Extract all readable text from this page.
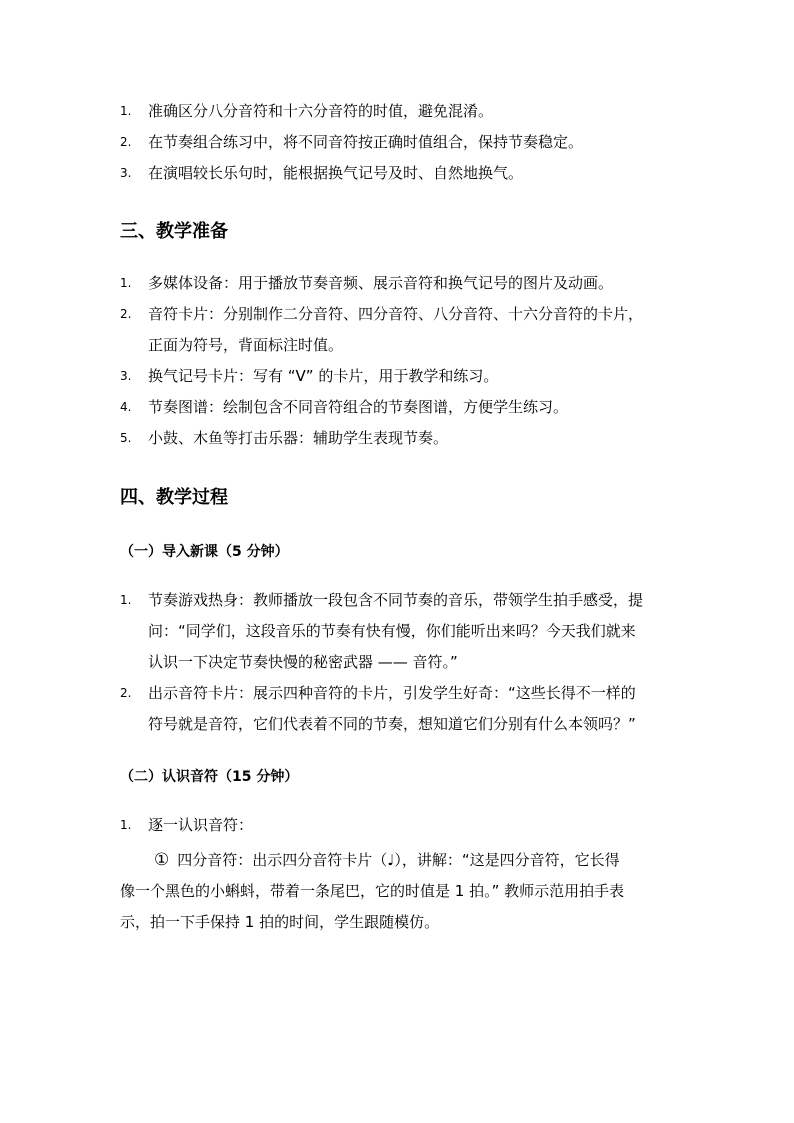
1. 准确区分八分音符和十六分音符的时值，避免混淆。
2. 在节奏组合练习中，将不同音符按正确时值组合，保持节奏稳定。
3. 在演唱较长乐句时，能根据换气记号及时、自然地换气。
三、教学准备
1. 多媒体设备：用于播放节奏音频、展示音符和换气记号的图片及动画。
2. 音符卡片：分别制作二分音符、四分音符、八分音符、十六分音符的卡片，
正面为符号，背面标注时值。
3. 换气记号卡片：写有 “V” 的卡片，用于教学和练习。
4. 节奏图谱：绘制包含不同音符组合的节奏图谱，方便学生练习。
5. 小鼓、木鱼等打击乐器：辅助学生表现节奏。
四、教学过程
（一）导入新课（5 分钟）
1. 节奏游戏热身：教师播放一段包含不同节奏的音乐，带领学生拍手感受，提
问：“同学们，这段音乐的节奏有快有慢，你们能听出来吗？今天我们就来
认识一下决定节奏快慢的秘密武器 —— 音符。”
2. 出示音符卡片：展示四种音符的卡片，引发学生好奇：“这些长得不一样的
符号就是音符，它们代表着不同的节奏，想知道它们分别有什么本领吗？”
（二）认识音符（15 分钟）
1. 逐一认识音符：
① 四分音符：出示四分音符卡片（♩），讲解：“这是四分音符，它长得
像一个黑色的小蝌蚪，带着一条尾巴，它的时值是 1 拍。” 教师示范用拍手表
示，拍一下手保持 1 拍的时间，学生跟随模仿。
